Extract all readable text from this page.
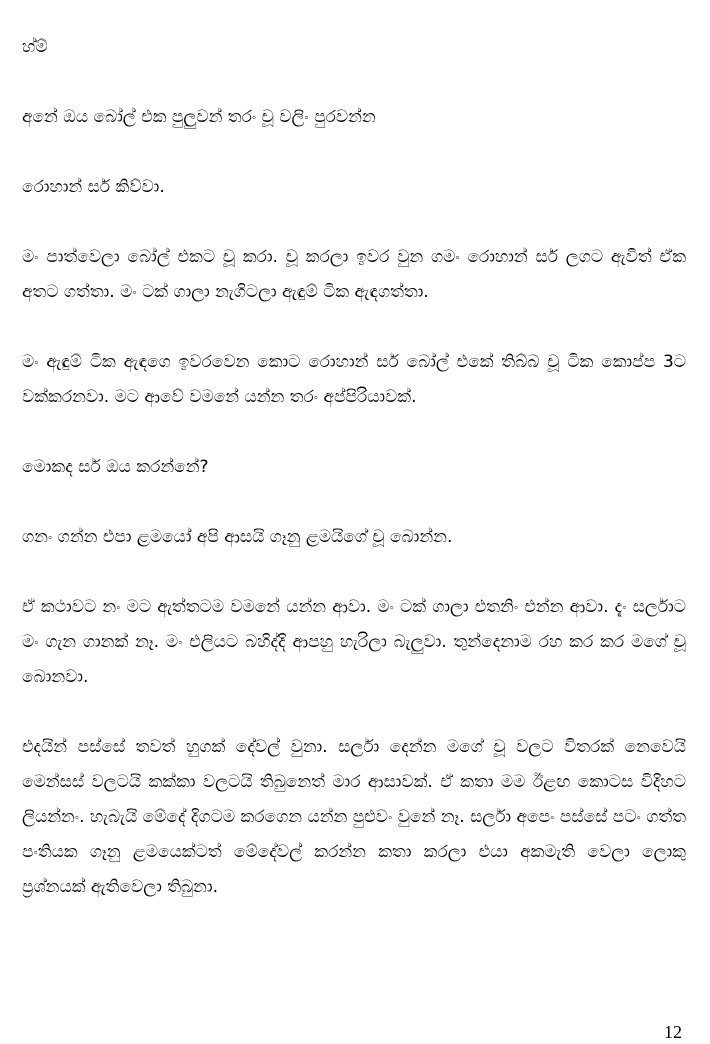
හ්ම්

අනේ ඔය බෝල් එක පුලුවන් තරං චූ වලිං පුරවන්න

රොහාන් සර් කිව්වා.

මං පාත්වෙලා බෝල් එකට චූ කරා. චූ කරලා ඉවර වුන ගමං රොහාන් සර් ලගට ඇවිත් ඒක අතට ගත්තා. මං ටක් ගාලා නැගිටලා ඇඳුම් ටික ඇඳගත්තා.

මං ඇඳුම් ටික ඇඳගෙ ඉවරවෙන කොට රොහාන් සර් බෝල් එකේ තිබ්බ චූ ටික කොප්ප 3ට වක්කරනවා. මට ආවේ වමනේ යන්න තරං අප්පිරියාවක්.

මොකද සර් ඔය කරන්නේ?

ගනං ගන්න එපා ළමයෝ අපි ආසයි ගෑනු ළමයිගේ චූ බොන්න.

ඒ කථාවට නං මට ඇත්තටම වමනේ යන්න ආවා. මං ටක් ගාලා එතනිං එන්න ආවා. දැං සර්ලාට මං ගැන ගානක් නෑ. මං එලියට බහිද්දි ආපහු හැරිලා බැලුවා. තුන්දෙනාම රහ කර කර මගේ චූ බොනවා.

එදයින් පස්සේ තවත් හුගක් දේවල් වුනා. සර්ලා දෙන්න මගේ චූ වලට විතරක් නෙවෙයි මෙන්සස් වලටයි කක්කා වලටයි තිබුනෙත් මාර ආසාවක්. ඒ කතා මම ඊළඟ කොටස විදිහට ලියන්නං. හැබැයි මේදේ දිගටම කරගෙන යන්න පුළුවං වුනේ නෑ. සර්ලා අපෙං පස්සේ පටං ගත්ත පංතියක ගෑනු ළමයෙක්ටත් මේදේවල් කරන්න කතා කරලා එයා අකමැති වෙලා ලොකු ප්‍රශ්නයක් ඇතිවෙලා තිබුනා.

12
